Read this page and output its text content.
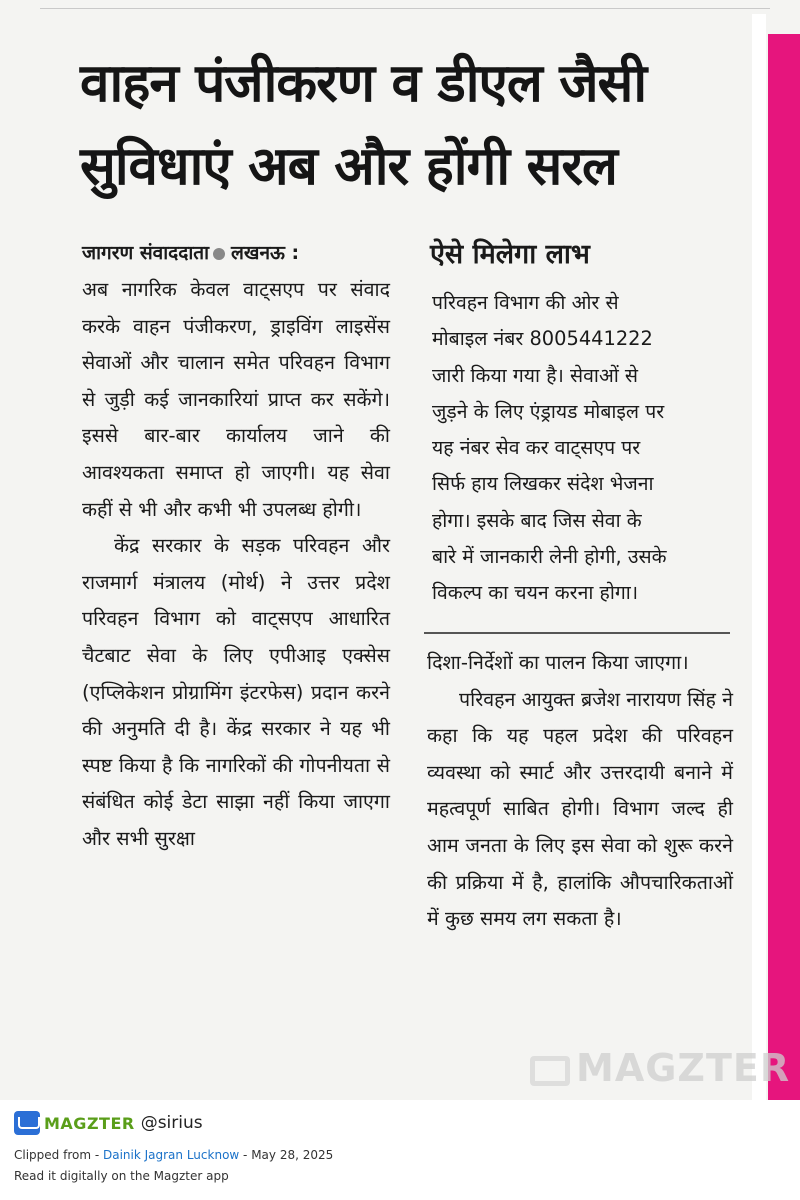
वाहन पंजीकरण व डीएल जैसी
सुविधाएं अब और होंगी सरल
जागरण संवाददाता लखनऊ :

अब नागरिक केवल वाट्सएप पर संवाद करके वाहन पंजीकरण, ड्राइविंग लाइसेंस सेवाओं और चालान समेत परिवहन विभाग से जुड़ी कई जानकारियां प्राप्त कर सकेंगे। इससे बार-बार कार्यालय जाने की आवश्यकता समाप्त हो जाएगी। यह सेवा कहीं से भी और कभी भी उपलब्ध होगी।

केंद्र सरकार के सड़क परिवहन और राजमार्ग मंत्रालय (मोर्थ) ने उत्तर प्रदेश परिवहन विभाग को वाट्सएप आधारित चैटबाट सेवा के लिए एपीआइ एक्सेस (एप्लिकेशन प्रोग्रामिंग इंटरफेस) प्रदान करने की अनुमति दी है। केंद्र सरकार ने यह भी स्पष्ट किया है कि नागरिकों की गोपनीयता से संबंधित कोई डेटा साझा नहीं किया जाएगा और सभी सुरक्षा

ऐसे मिलेगा लाभ
परिवहन विभाग की ओर से
मोबाइल नंबर 8005441222
जारी किया गया है। सेवाओं से
जुड़ने के लिए एंड्रायड मोबाइल पर
यह नंबर सेव कर वाट्सएप पर
सिर्फ हाय लिखकर संदेश भेजना
होगा। इसके बाद जिस सेवा के
बारे में जानकारी लेनी होगी, उसके
विकल्प का चयन करना होगा।

दिशा-निर्देशों का पालन किया जाएगा।

परिवहन आयुक्त ब्रजेश नारायण सिंह ने कहा कि यह पहल प्रदेश की परिवहन व्यवस्था को स्मार्ट और उत्तरदायी बनाने में महत्वपूर्ण साबित होगी। विभाग जल्द ही आम जनता के लिए इस सेवा को शुरू करने की प्रक्रिया में है, हालांकि औपचारिकताओं में कुछ समय लग सकता है।

MAGZTER
MAGZTER @sirius
Clipped from - Dainik Jagran Lucknow - May 28, 2025
Read it digitally on the Magzter app
